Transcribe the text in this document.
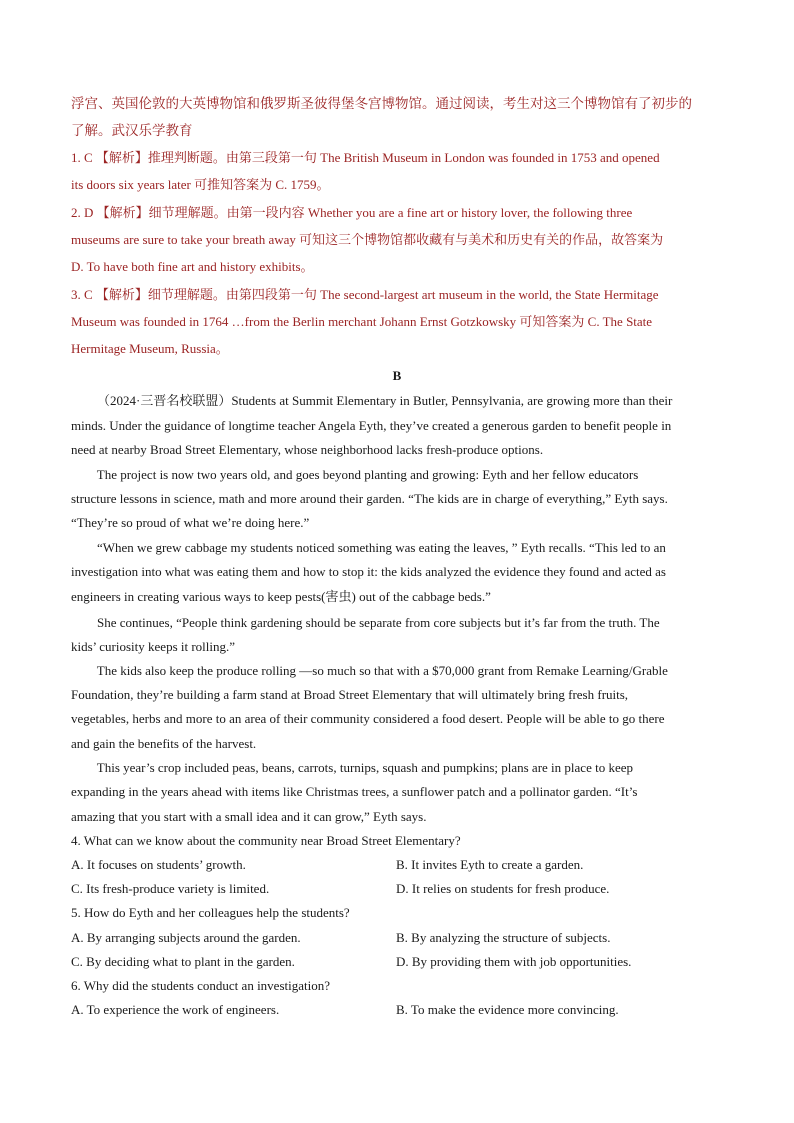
浮宫、英国伦敦的大英博物馆和俄罗斯圣彼得堡冬宫博物馆。通过阅读，考生对这三个博物馆有了初步的
了解。武汉乐学教育
1. C 【解析】推理判断题。由第三段第一句 The British Museum in London was founded in 1753 and opened
its doors six years later 可推知答案为 C. 1759。
2. D 【解析】细节理解题。由第一段内容 Whether you are a fine art or history lover, the following three
museums are sure to take your breath away 可知这三个博物馆都收藏有与美术和历史有关的作品，故答案为
D. To have both fine art and history exhibits。
3. C 【解析】细节理解题。由第四段第一句 The second-largest art museum in the world, the State Hermitage
Museum was founded in 1764 …from the Berlin merchant Johann Ernst Gotzkowsky 可知答案为 C. The State
Hermitage Museum, Russia。
B
（2024·三晋名校联盟）Students at Summit Elementary in Butler, Pennsylvania, are growing more than their
minds. Under the guidance of longtime teacher Angela Eyth, they’ve created a generous garden to benefit people in
need at nearby Broad Street Elementary, whose neighborhood lacks fresh-produce options.
The project is now two years old, and goes beyond planting and growing: Eyth and her fellow educators
structure lessons in science, math and more around their garden. “The kids are in charge of everything,” Eyth says.
“They’re so proud of what we’re doing here.”
“When we grew cabbage my students noticed something was eating the leaves, ” Eyth recalls. “This led to an
investigation into what was eating them and how to stop it: the kids analyzed the evidence they found and acted as
engineers in creating various ways to keep pests(害虫) out of the cabbage beds.”
She continues, “People think gardening should be separate from core subjects but it’s far from the truth. The
kids’ curiosity keeps it rolling.”
The kids also keep the produce rolling —so much so that with a $70,000 grant from Remake Learning/Grable
Foundation, they’re building a farm stand at Broad Street Elementary that will ultimately bring fresh fruits,
vegetables, herbs and more to an area of their community considered a food desert. People will be able to go there
and gain the benefits of the harvest.
This year’s crop included peas, beans, carrots, turnips, squash and pumpkins; plans are in place to keep
expanding in the years ahead with items like Christmas trees, a sunflower patch and a pollinator garden. “It’s
amazing that you start with a small idea and it can grow,” Eyth says.
4. What can we know about the community near Broad Street Elementary?
A. It focuses on students’ growth.	B. It invites Eyth to create a garden.
C. Its fresh-produce variety is limited.	D. It relies on students for fresh produce.
5. How do Eyth and her colleagues help the students?
A. By arranging subjects around the garden.	B. By analyzing the structure of subjects.
C. By deciding what to plant in the garden.	D. By providing them with job opportunities.
6. Why did the students conduct an investigation?
A. To experience the work of engineers.	B. To make the evidence more convincing.
